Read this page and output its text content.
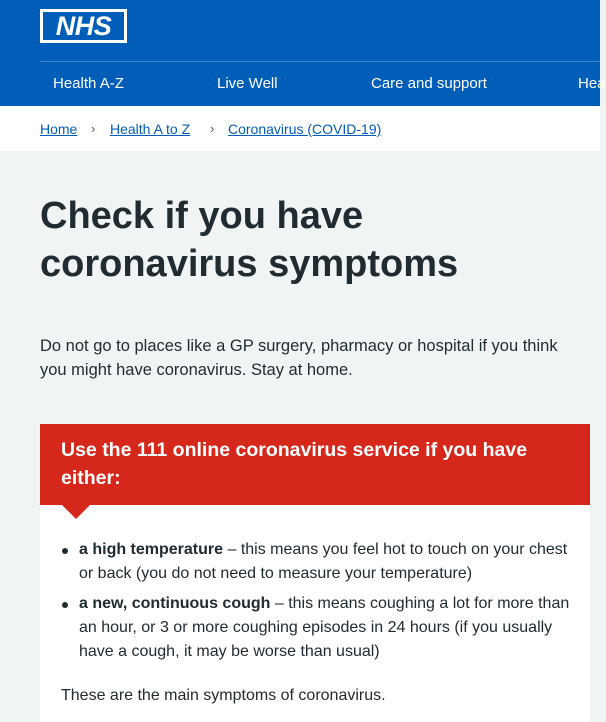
NHS
Health A-Z	Live Well	Care and support	Hea
Home › Health A to Z › Coronavirus (COVID-19)
Check if you have
coronavirus symptoms

Do not go to places like a GP surgery, pharmacy or hospital if you think you might have coronavirus. Stay at home.

Use the 111 online coronavirus service if you have either:
a high temperature – this means you feel hot to touch on your chest or back (you do not need to measure your temperature)
a new, continuous cough – this means coughing a lot for more than an hour, or 3 or more coughing episodes in 24 hours (if you usually have a cough, it may be worse than usual)

These are the main symptoms of coronavirus.
